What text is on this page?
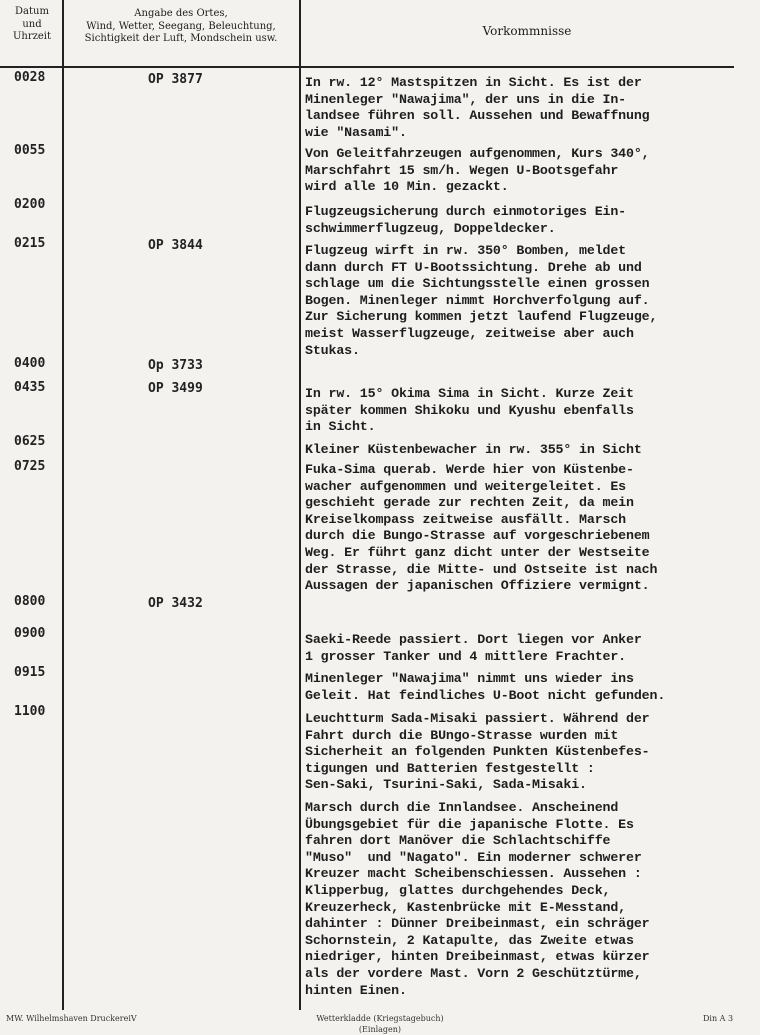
Datum
und
Uhrzeit
Angabe des Ortes,
Wind, Wetter, Seegang, Beleuchtung,
Sichtigkeit der Luft, Mondschein usw.
Vorkommnisse
0028
0055
0200
0215
0400
0435
0625
0725
0800
0900
0915
1100
OP 3877
OP 3844
Op 3733
OP 3499
OP 3432
In rw. 12° Mastspitzen in Sicht. Es ist der
Minenleger "Nawajima", der uns in die In-
landsee führen soll. Aussehen und Bewaffnung
wie "Nasami".
Von Geleitfahrzeugen aufgenommen, Kurs 340°,
Marschfahrt 15 sm/h. Wegen U-Bootsgefahr
wird alle 10 Min. gezackt.
Flugzeugsicherung durch einmotoriges Ein-
schwimmerflugzeug, Doppeldecker.
Flugzeug wirft in rw. 350° Bomben, meldet
dann durch FT U-Bootssichtung. Drehe ab und
schlage um die Sichtungsstelle einen grossen
Bogen. Minenleger nimmt Horchverfolgung auf.
Zur Sicherung kommen jetzt laufend Flugzeuge,
meist Wasserflugzeuge, zeitweise aber auch
Stukas.
In rw. 15° Okima Sima in Sicht. Kurze Zeit
später kommen Shikoku und Kyushu ebenfalls
in Sicht.
Kleiner Küstenbewacher in rw. 355° in Sicht
Fuka-Sima querab. Werde hier von Küstenbe-
wacher aufgenommen und weitergeleitet. Es
geschieht gerade zur rechten Zeit, da mein
Kreiselkompass zeitweise ausfällt. Marsch
durch die Bungo-Strasse auf vorgeschriebenem
Weg. Er führt ganz dicht unter der Westseite
der Strasse, die Mitte- und Ostseite ist nach
Aussagen der japanischen Offiziere vermignt.
Saeki-Reede passiert. Dort liegen vor Anker
1 grosser Tanker und 4 mittlere Frachter.
Minenleger "Nawajima" nimmt uns wieder ins
Geleit. Hat feindliches U-Boot nicht gefunden.
Leuchtturm Sada-Misaki passiert. Während der
Fahrt durch die BUngo-Strasse wurden mit
Sicherheit an folgenden Punkten Küstenbefes-
tigungen und Batterien festgestellt :
Sen-Saki, Tsurini-Saki, Sada-Misaki.
Marsch durch die Innlandsee. Anscheinend
Übungsgebiet für die japanische Flotte. Es
fahren dort Manöver die Schlachtschiffe
"Muso"  und "Nagato". Ein moderner schwerer
Kreuzer macht Scheibenschiessen. Aussehen :
Klipperbug, glattes durchgehendes Deck,
Kreuzerheck, Kastenbrücke mit E-Messtand,
dahinter : Dünner Dreibeinmast, ein schräger
Schornstein, 2 Katapulte, das Zweite etwas
niedriger, hinten Dreibeinmast, etwas kürzer
als der vordere Mast. Vorn 2 Geschütztürme,
hinten Einen.
MW. Wilhelmshaven DruckereiV	Wetterkladde (Kriegstagebuch)
(Einlagen)
Din A 3
